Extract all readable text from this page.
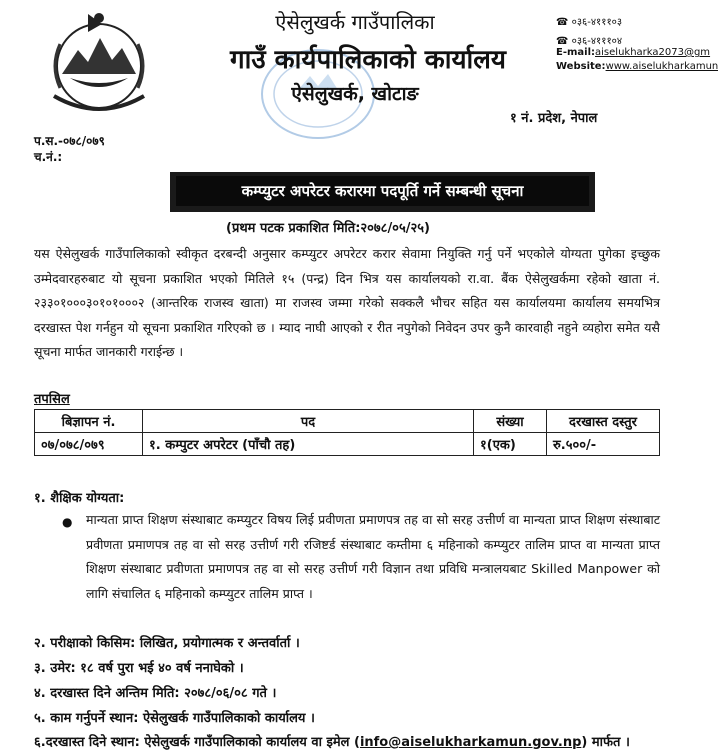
ऐसेलुखर्क गाउँपालिका
गाउँ कार्यपालिकाको कार्यालय
ऐसेलुखर्क, खोटाङ
१ नं. प्रदेश, नेपाल
☎ ०३६-४१११०३
☎ ०३६-४१११०४
E-mail:aiselukharka2073@gm
Website:www.aiselukharkamun
प.स.-०७८/०७९
च.नं.:
कम्प्युटर अपरेटर करारमा पदपूर्ति गर्ने सम्बन्धी सूचना
(प्रथम पटक प्रकाशित मिति:२०७८/०५/२५)
यस ऐसेलुखर्क गाउँपालिकाको स्वीकृत दरबन्दी अनुसार कम्प्युटर अपरेटर करार सेवामा नियुक्ति गर्नु पर्ने भएकोले योग्यता पुगेका इच्छुक उम्मेदवारहरुबाट यो सूचना प्रकाशित भएको मितिले १५ (पन्द्र) दिन भित्र यस कार्यालयको रा.वा. बैंक ऐसेलुखर्कमा रहेको खाता नं. २३३०१०००३०१०१०००२ (आन्तरिक राजस्व खाता) मा राजस्व जम्मा गरेको सक्कलै भौचर सहित यस कार्यालयमा कार्यालय समयभित्र दरखास्त पेश गर्नहुन यो सूचना प्रकाशित गरिएको छ । म्याद नाघी आएको र रीत नपुगेको निवेदन उपर कुनै कारवाही नहुने व्यहोरा समेत यसै सूचना मार्फत जानकारी गराईन्छ ।
तपसिल
बिज्ञापन नं.	पद	संख्या	दरखास्त दस्तुर
०७/०७८/०७९	१. कम्पुटर अपरेटर (पाँचौ तह)	१(एक)	रु.५००/-
१. शैक्षिक योग्यता:
● मान्यता प्राप्त शिक्षण संस्थाबाट कम्प्युटर विषय लिई प्रवीणता प्रमाणपत्र तह वा सो सरह उत्तीर्ण वा मान्यता प्राप्त शिक्षण संस्थाबाट प्रवीणता प्रमाणपत्र तह वा सो सरह उत्तीर्ण गरी रजिष्टर्ड संस्थाबाट कम्तीमा ६ महिनाको कम्प्युटर तालिम प्राप्त वा मान्यता प्राप्त शिक्षण संस्थाबाट प्रवीणता प्रमाणपत्र तह वा सो सरह उत्तीर्ण गरी विज्ञान तथा प्रविधि मन्त्रालयबाट Skilled Manpower को लागि संचालित ६ महिनाको कम्प्युटर तालिम प्राप्त ।
२. परीक्षाको किसिम: लिखित, प्रयोगात्मक र अन्तर्वार्ता ।
३. उमेर: १८ वर्ष पुरा भई ४० वर्ष ननाघेको ।
४. दरखास्त दिने अन्तिम मिति: २०७८/०६/०८ गते ।
५. काम गर्नुपर्ने स्थान: ऐसेलुखर्क गाउँपालिकाको कार्यालय ।
६.दरखास्त दिने स्थान: ऐसेलुखर्क गाउँपालिकाको कार्यालय वा इमेल (info@aiselukharkamun.gov.np) मार्फत ।
